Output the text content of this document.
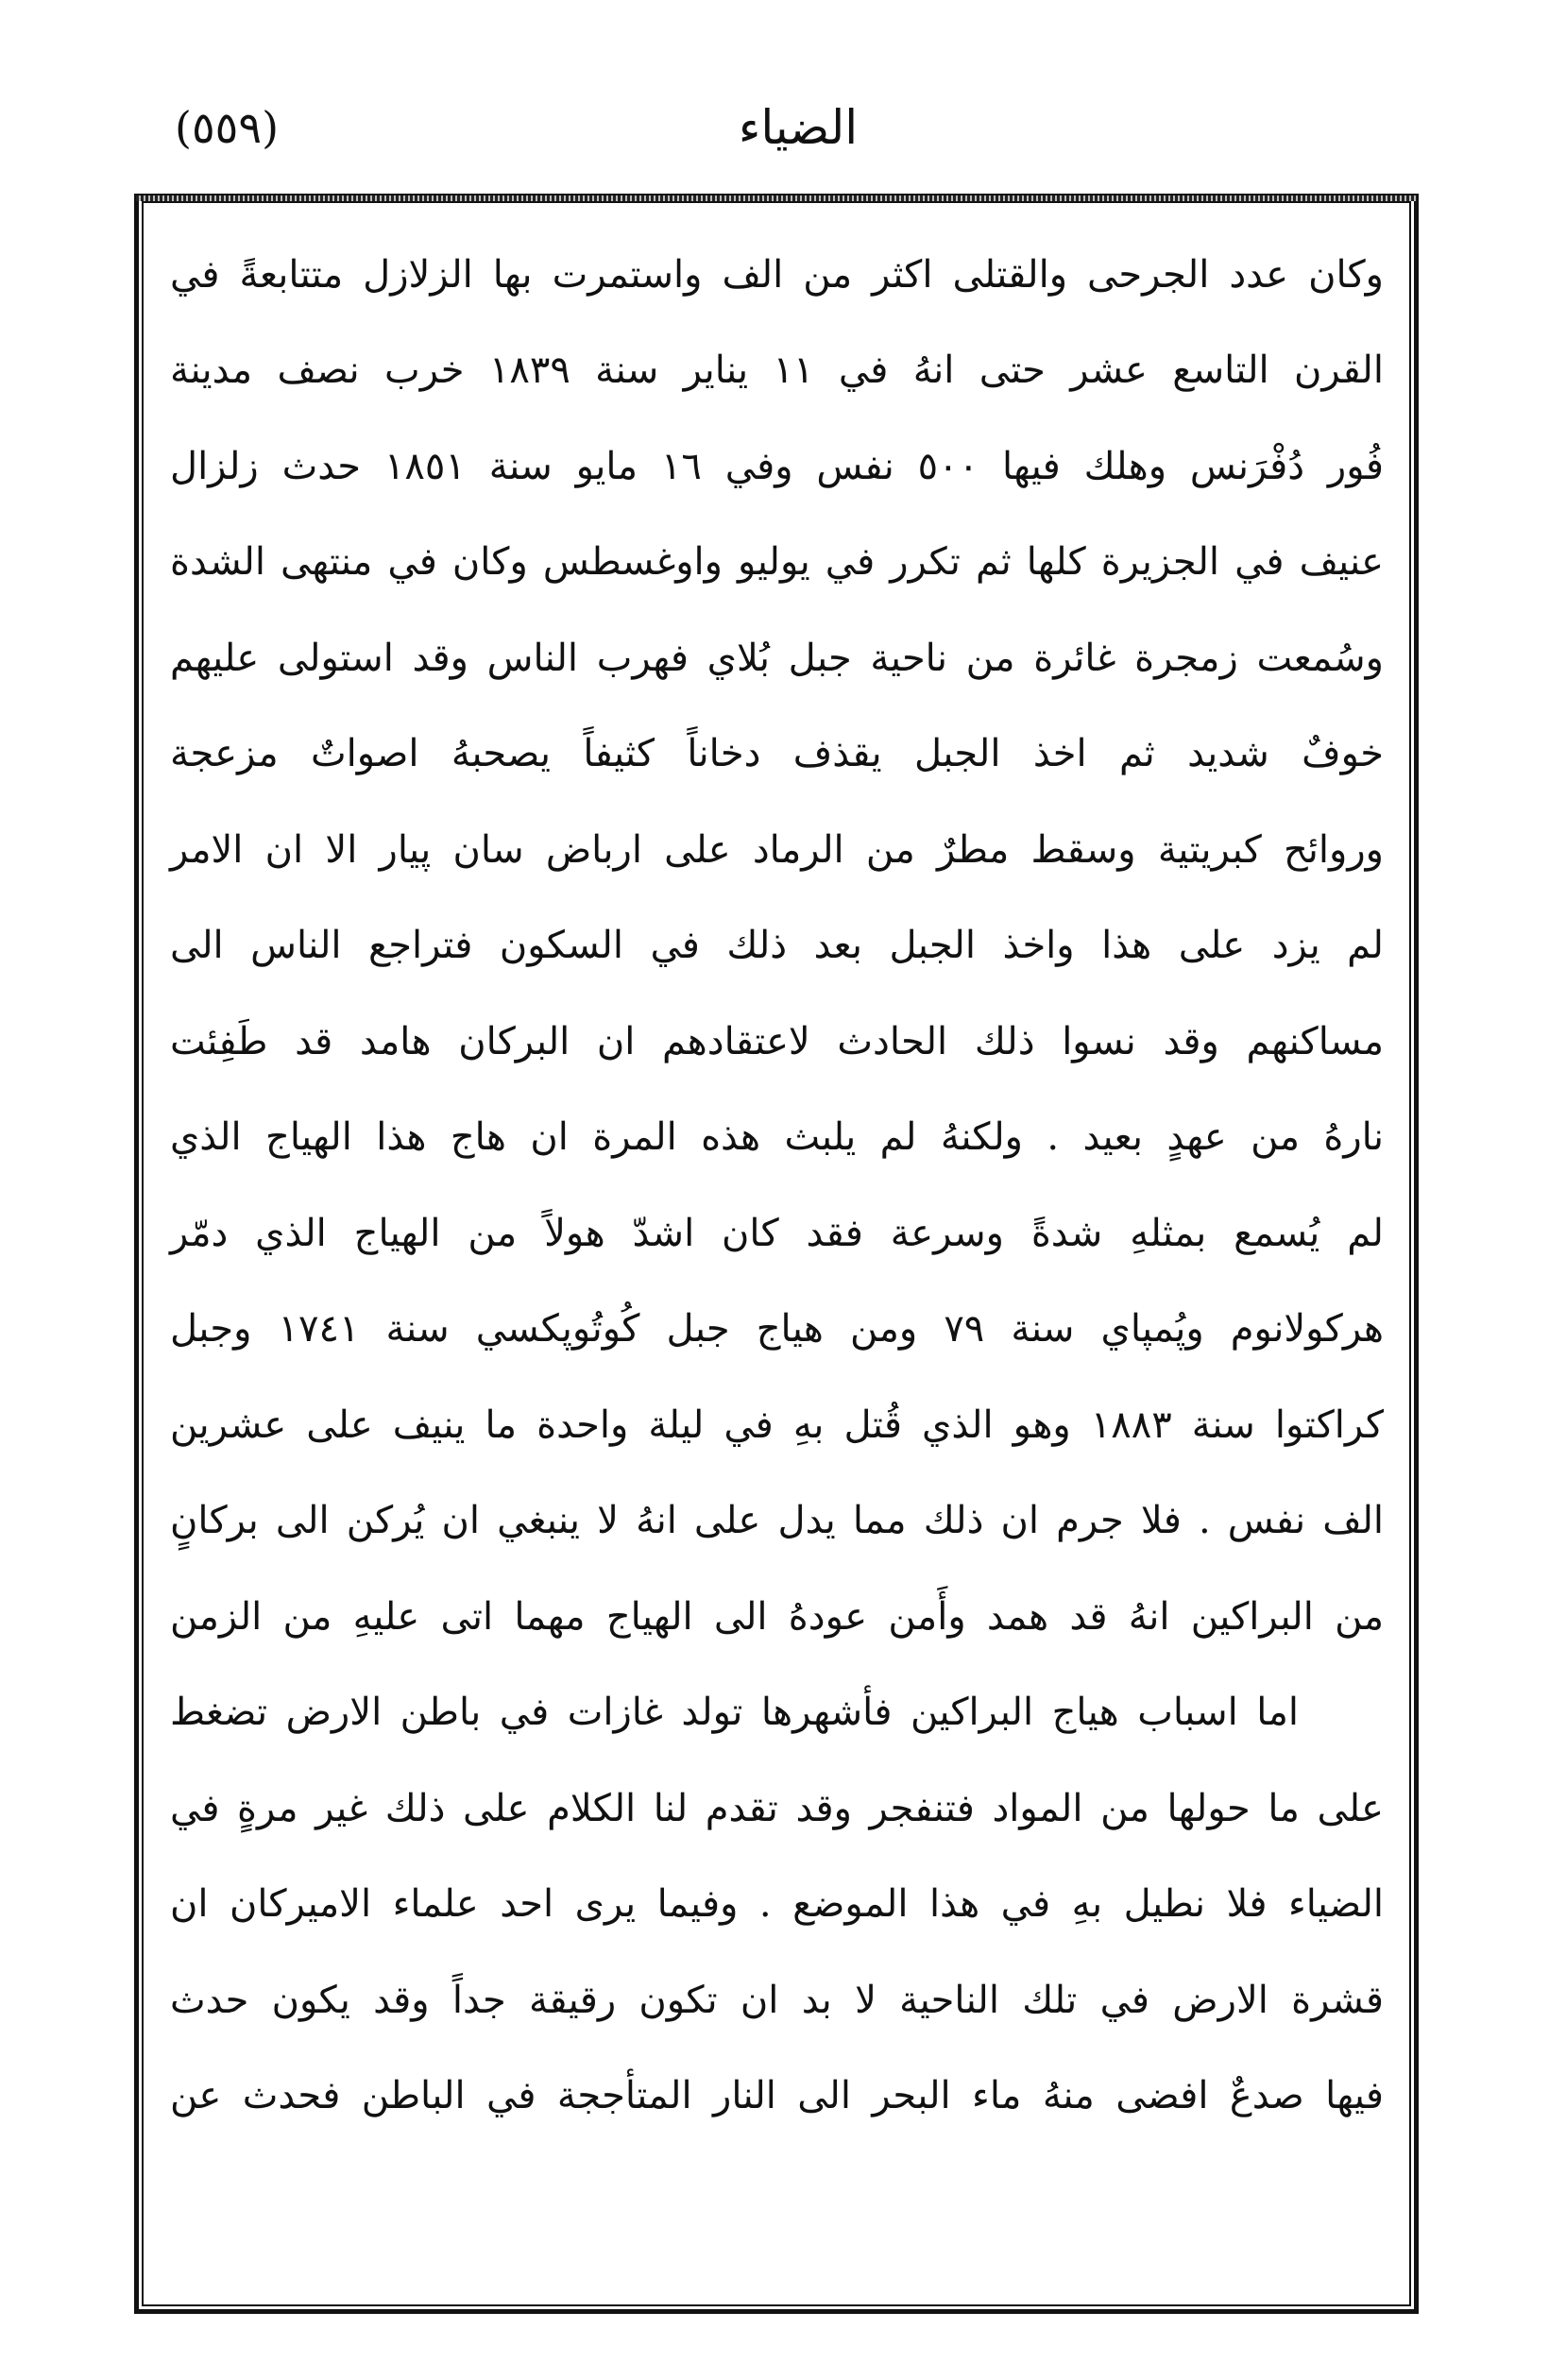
الضياء
(٥٥٩)
وكان عدد الجرحى والقتلى اكثر من الف واستمرت بها الزلازل متتابعةً في
القرن التاسع عشر حتى انهُ في ١١ يناير سنة ١٨٣٩ خرب نصف مدينة
فُور دُفْرَنس وهلك فيها ٥٠٠ نفس وفي ١٦ مايو سنة ١٨٥١ حدث زلزال
عنيف في الجزيرة كلها ثم تكرر في يوليو واوغسطس وكان في منتهى الشدة
وسُمعت زمجرة غائرة من ناحية جبل بُلاي فهرب الناس وقد استولى عليهم
خوفٌ شديد ثم اخذ الجبل يقذف دخاناً كثيفاً يصحبهُ اصواتٌ مزعجة
وروائح كبريتية وسقط مطرٌ من الرماد على ارباض سان پيار الا ان الامر
لم يزد على هذا واخذ الجبل بعد ذلك في السكون فتراجع الناس الى
مساكنهم وقد نسوا ذلك الحادث لاعتقادهم ان البركان هامد قد طَفِئت
نارهُ من عهدٍ بعيد . ولكنهُ لم يلبث هذه المرة ان هاج هذا الهياج الذي
لم يُسمع بمثلهِ شدةً وسرعة فقد كان اشدّ هولاً من الهياج الذي دمّر
هركولانوم وپُمپاي سنة ٧٩ ومن هياج جبل كُوتُوپكسي سنة ١٧٤١ وجبل
كراكتوا سنة ١٨٨٣ وهو الذي قُتل بهِ في ليلة واحدة ما ينيف على عشرين
الف نفس . فلا جرم ان ذلك مما يدل على انهُ لا ينبغي ان يُركن الى بركانٍ
من البراكين انهُ قد همد وأَمن عودهُ الى الهياج مهما اتى عليهِ من الزمن
اما اسباب هياج البراكين فأشهرها تولد غازات في باطن الارض تضغط
على ما حولها من المواد فتنفجر وقد تقدم لنا الكلام على ذلك غير مرةٍ في
الضياء فلا نطيل بهِ في هذا الموضع . وفيما يرى احد علماء الاميركان ان
قشرة الارض في تلك الناحية لا بد ان تكون رقيقة جداً وقد يكون حدث
فيها صدعٌ افضى منهُ ماء البحر الى النار المتأججة في الباطن فحدث عن
